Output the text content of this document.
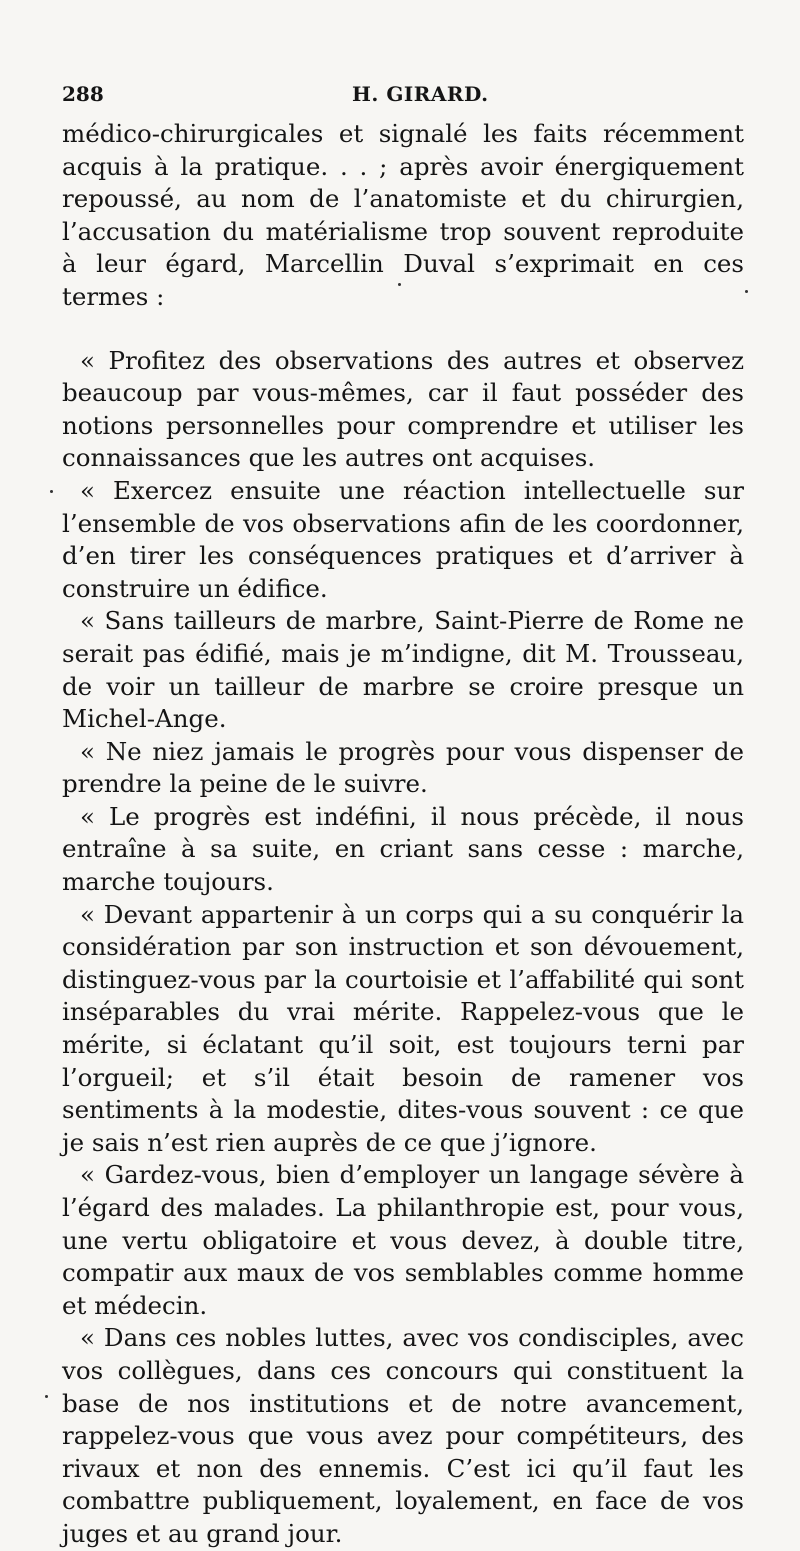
288	H. GIRARD.

médico-chirurgicales et signalé les faits récemment acquis à la pratique. . . ; après avoir énergiquement repoussé, au nom de l’anatomiste et du chirurgien, l’accusation du matérialisme trop souvent reproduite à leur égard, Marcellin Duval s’exprimait en ces termes :

« Profitez des observations des autres et observez beaucoup par vous-mêmes, car il faut posséder des notions personnelles pour comprendre et utiliser les connaissances que les autres ont acquises.

« Exercez ensuite une réaction intellectuelle sur l’ensemble de vos observations afin de les coordonner, d’en tirer les conséquences pratiques et d’arriver à construire un édifice.

« Sans tailleurs de marbre, Saint-Pierre de Rome ne serait pas édifié, mais je m’indigne, dit M. Trousseau, de voir un tailleur de marbre se croire presque un Michel-Ange.

« Ne niez jamais le progrès pour vous dispenser de prendre la peine de le suivre.

« Le progrès est indéfini, il nous précède, il nous entraîne à sa suite, en criant sans cesse : marche, marche toujours.

« Devant appartenir à un corps qui a su conquérir la considération par son instruction et son dévouement, distinguez-vous par la courtoisie et l’affabilité qui sont inséparables du vrai mérite. Rappelez-vous que le mérite, si éclatant qu’il soit, est toujours terni par l’orgueil; et s’il était besoin de ramener vos sentiments à la modestie, dites-vous souvent : ce que je sais n’est rien auprès de ce que j’ignore.

« Gardez-vous, bien d’employer un langage sévère à l’égard des malades. La philanthropie est, pour vous, une vertu obligatoire et vous devez, à double titre, compatir aux maux de vos semblables comme homme et médecin.

« Dans ces nobles luttes, avec vos condisciples, avec vos collègues, dans ces concours qui constituent la base de nos institutions et de notre avancement, rappelez-vous que vous avez pour compétiteurs, des rivaux et non des ennemis. C’est ici qu’il faut les combattre publiquement, loyalement, en face de vos juges et au grand jour.
